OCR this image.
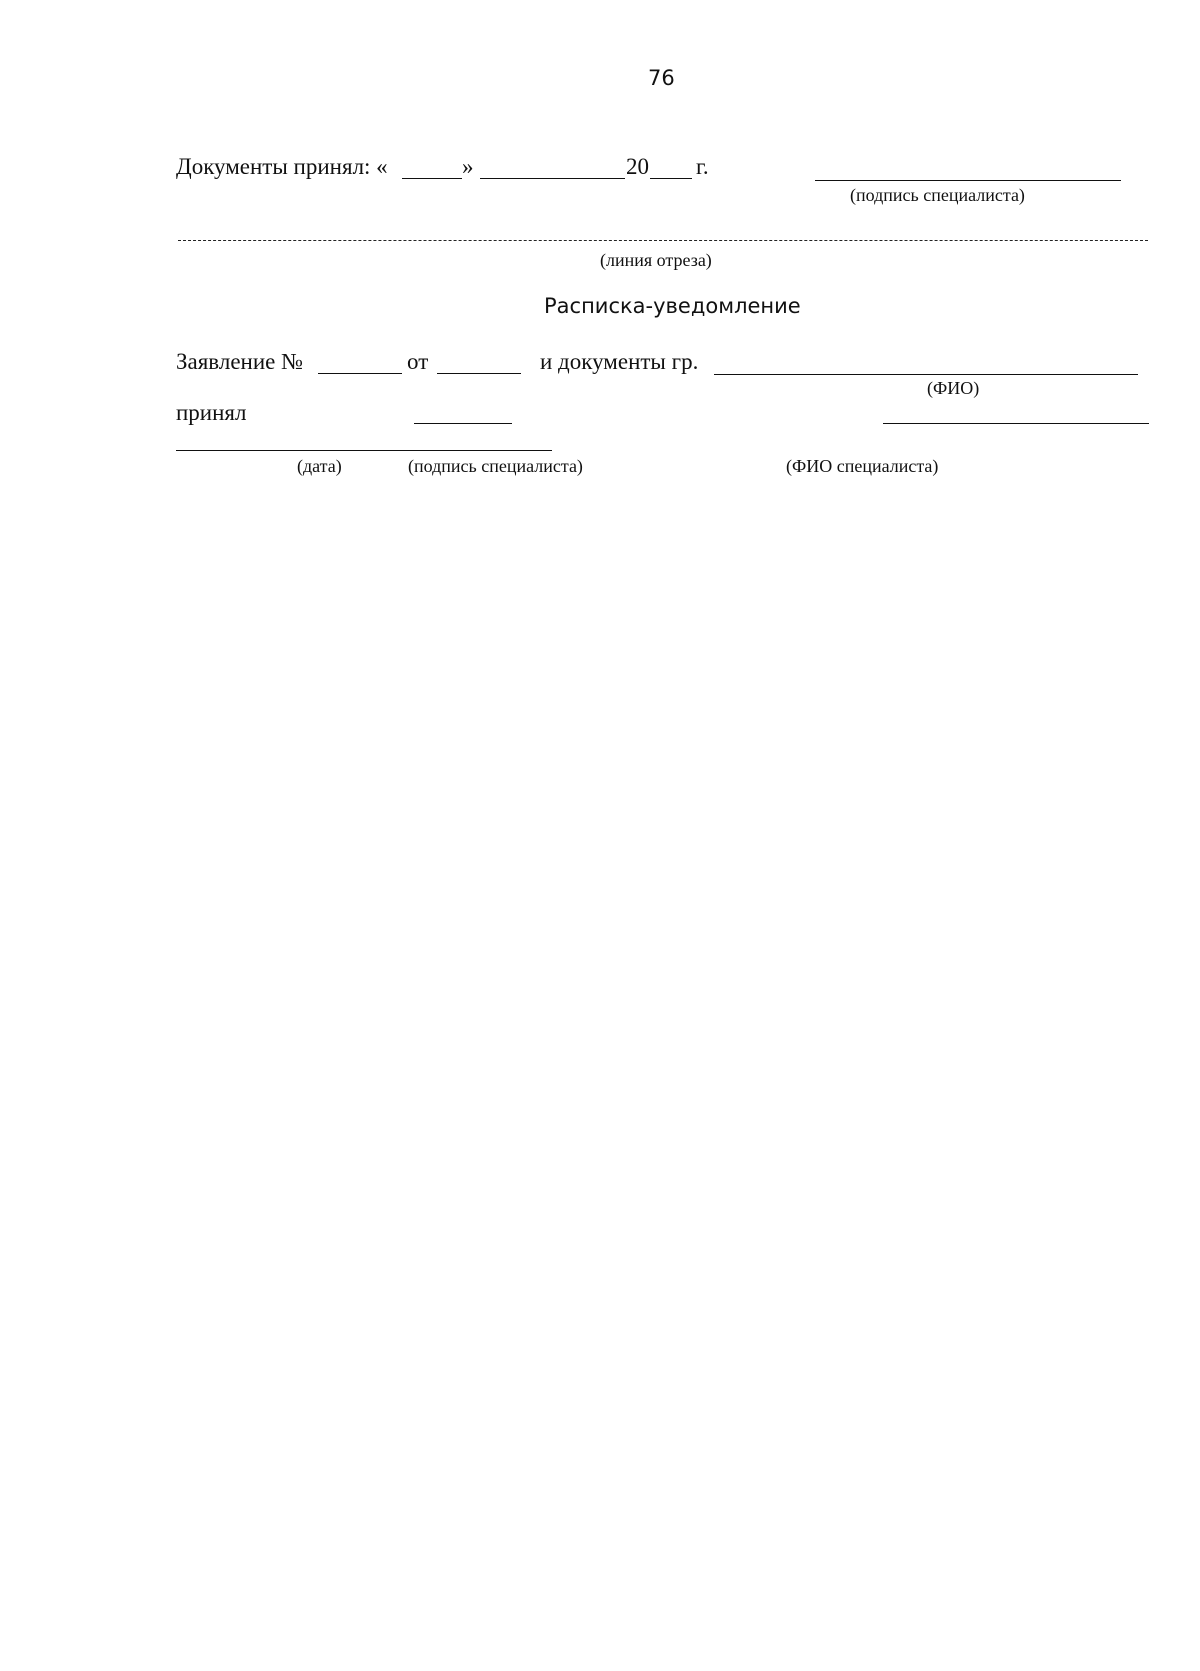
76
Документы принял: «	»	20 г.
(подпись специалиста)
(линия отреза)
Расписка-уведомление
Заявление №	от	и документы гр.
(ФИО)
принял
(дата)	(подпись специалиста)	(ФИО специалиста)
